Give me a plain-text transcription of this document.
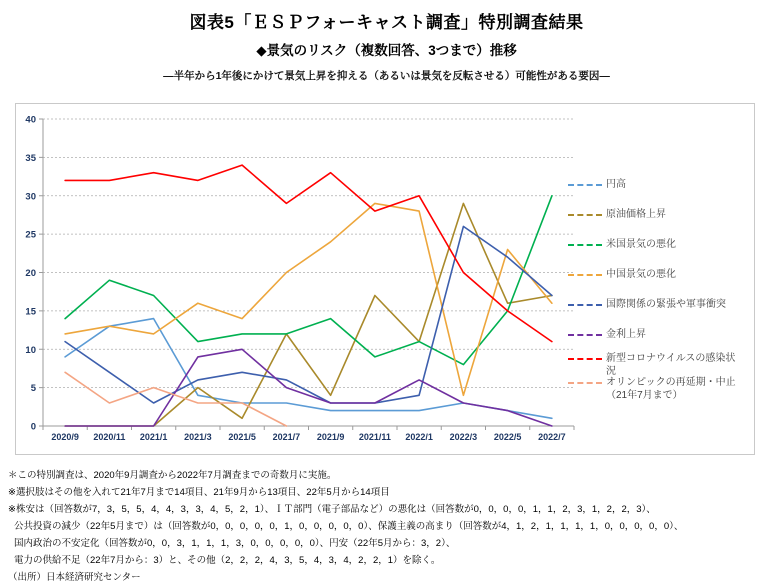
図表5「ＥＳＰフォーキャスト調査」特別調査結果
◆景気のリスク（複数回答、3つまで）推移
―半年から1年後にかけて景気上昇を抑える（あるいは景気を反転させる）可能性がある要因―
0
5
10
15
20
25
30
35
40
2020/9 2020/11 2021/1 2021/3 2021/5 2021/7 2021/9 2021/11 2022/1 2022/3 2022/5 2022/7
円高
原油価格上昇
米国景気の悪化
中国景気の悪化
国際関係の緊張や軍事衝突
金利上昇
新型コロナウイルスの感染状況
オリンピックの再延期・中止（21年7月まで）
＊この特別調査は、2020年9月調査から2022年7月調査までの奇数月に実施。
※選択肢はその他を入れて21年7月まで14項目、21年9月から13項目、22年5月から14項目
※株安は（回答数が7，3，5，5，4，4，3，3，4，5，2，1）、ＩＴ部門（電子部品など）の悪化は（回答数が0，0，0，0，1，1，2，3，1，2，2，3）、
公共投資の減少（22年5月まで）は（回答数が0，0，0，0，0，1，0，0，0，0，0）、保護主義の高まり（回答数が4，1，2，1，1，1，1，0，0，0，0，0）、
国内政治の不安定化（回答数が0，0，3，1，1，1，3，0，0，0，0，0）、円安（22年5月から：3，2）、
電力の供給不足（22年7月から：3）と、その他（2，2，2，4，3，5，4，3，4，2，2，1）を除く。
（出所）日本経済研究センター
